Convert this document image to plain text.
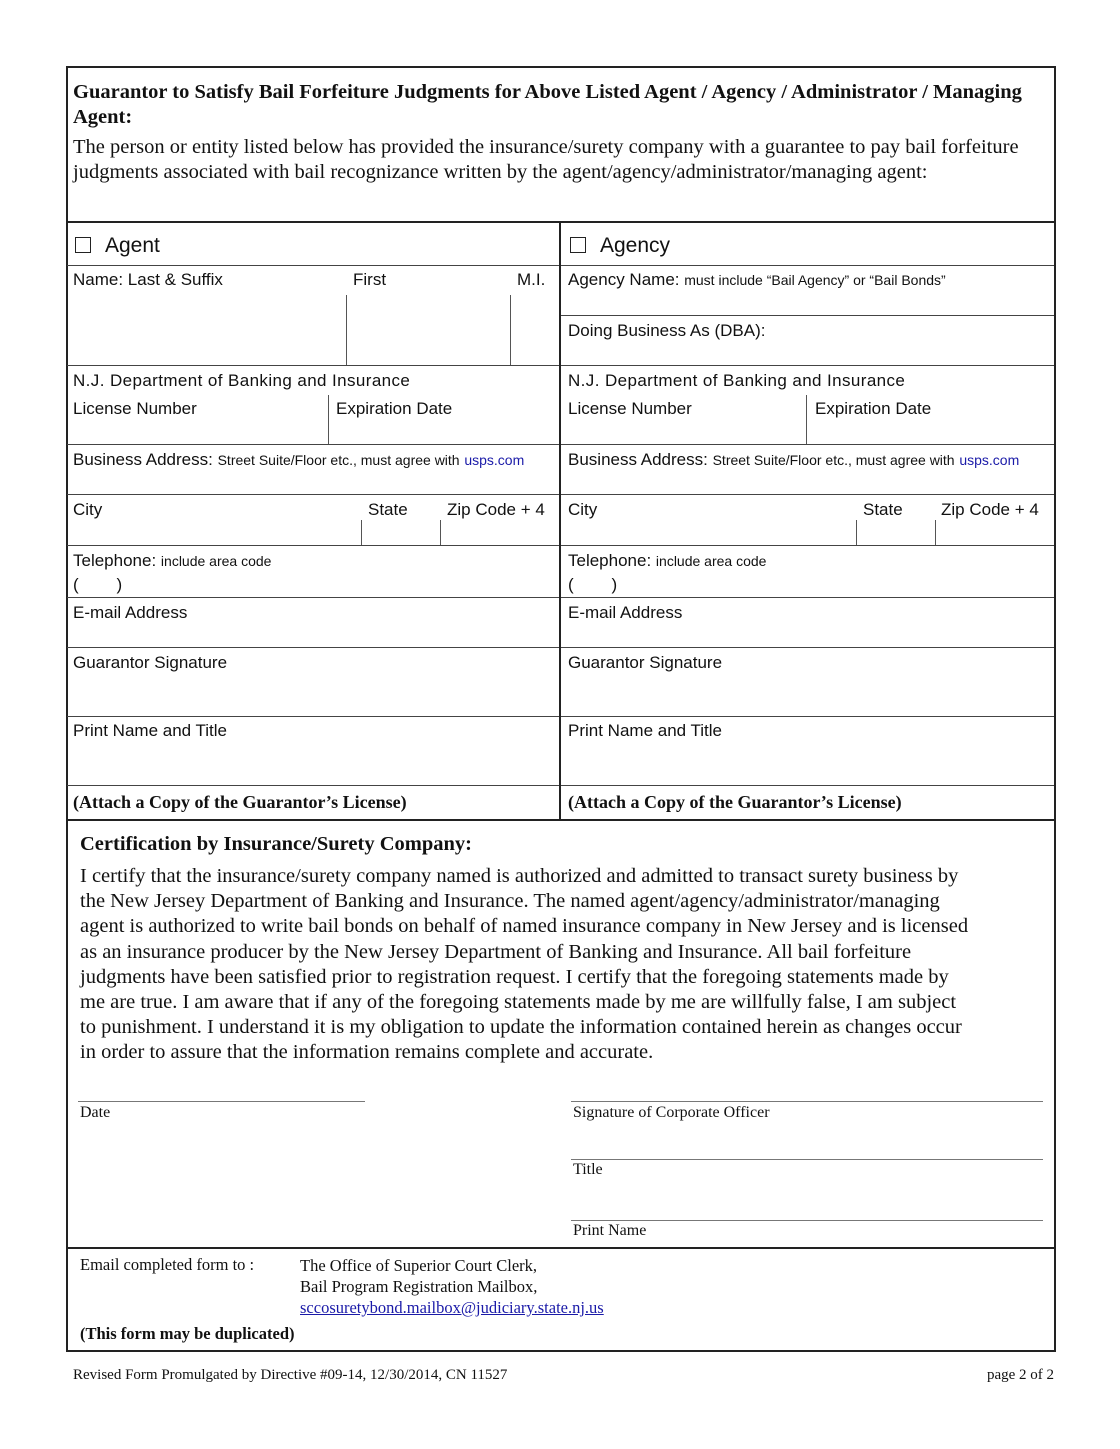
Guarantor to Satisfy Bail Forfeiture Judgments for Above Listed Agent / Agency / Administrator / Managing Agent:
The person or entity listed below has provided the insurance/surety company with a guarantee to pay bail forfeiture judgments associated with bail recognizance written by the agent/agency/administrator/managing agent:
Agent
Name: Last & Suffix	First	M.I.
N.J. Department of Banking and Insurance
License Number	Expiration Date
Business Address: Street Suite/Floor etc., must agree with usps.com
City	State Zip Code + 4
Telephone: include area code
(        )
E-mail Address
Guarantor Signature
Print Name and Title
(Attach a Copy of the Guarantor’s License)
Agency
Agency Name: must include “Bail Agency” or “Bail Bonds”
Doing Business As (DBA):
N.J. Department of Banking and Insurance
License Number	Expiration Date
Business Address: Street Suite/Floor etc., must agree with usps.com
City	State Zip Code + 4
Telephone: include area code
(        )
E-mail Address
Guarantor Signature
Print Name and Title
(Attach a Copy of the Guarantor’s License)
Certification by Insurance/Surety Company:
I certify that the insurance/surety company named is authorized and admitted to transact surety business by
the New Jersey Department of Banking and Insurance. The named agent/agency/administrator/managing
agent is authorized to write bail bonds on behalf of named insurance company in New Jersey and is licensed
as an insurance producer by the New Jersey Department of Banking and Insurance. All bail forfeiture
judgments have been satisfied prior to registration request. I certify that the foregoing statements made by
me are true. I am aware that if any of the foregoing statements made by me are willfully false, I am subject
to punishment. I understand it is my obligation to update the information contained herein as changes occur
in order to assure that the information remains complete and accurate.
Date	Signature of Corporate Officer
Title
Print Name
Email completed form to :	The Office of Superior Court Clerk,
Bail Program Registration Mailbox,
sccosuretybond.mailbox@judiciary.state.nj.us
(This form may be duplicated)
Revised Form Promulgated by Directive #09-14, 12/30/2014, CN 11527	page 2 of 2
